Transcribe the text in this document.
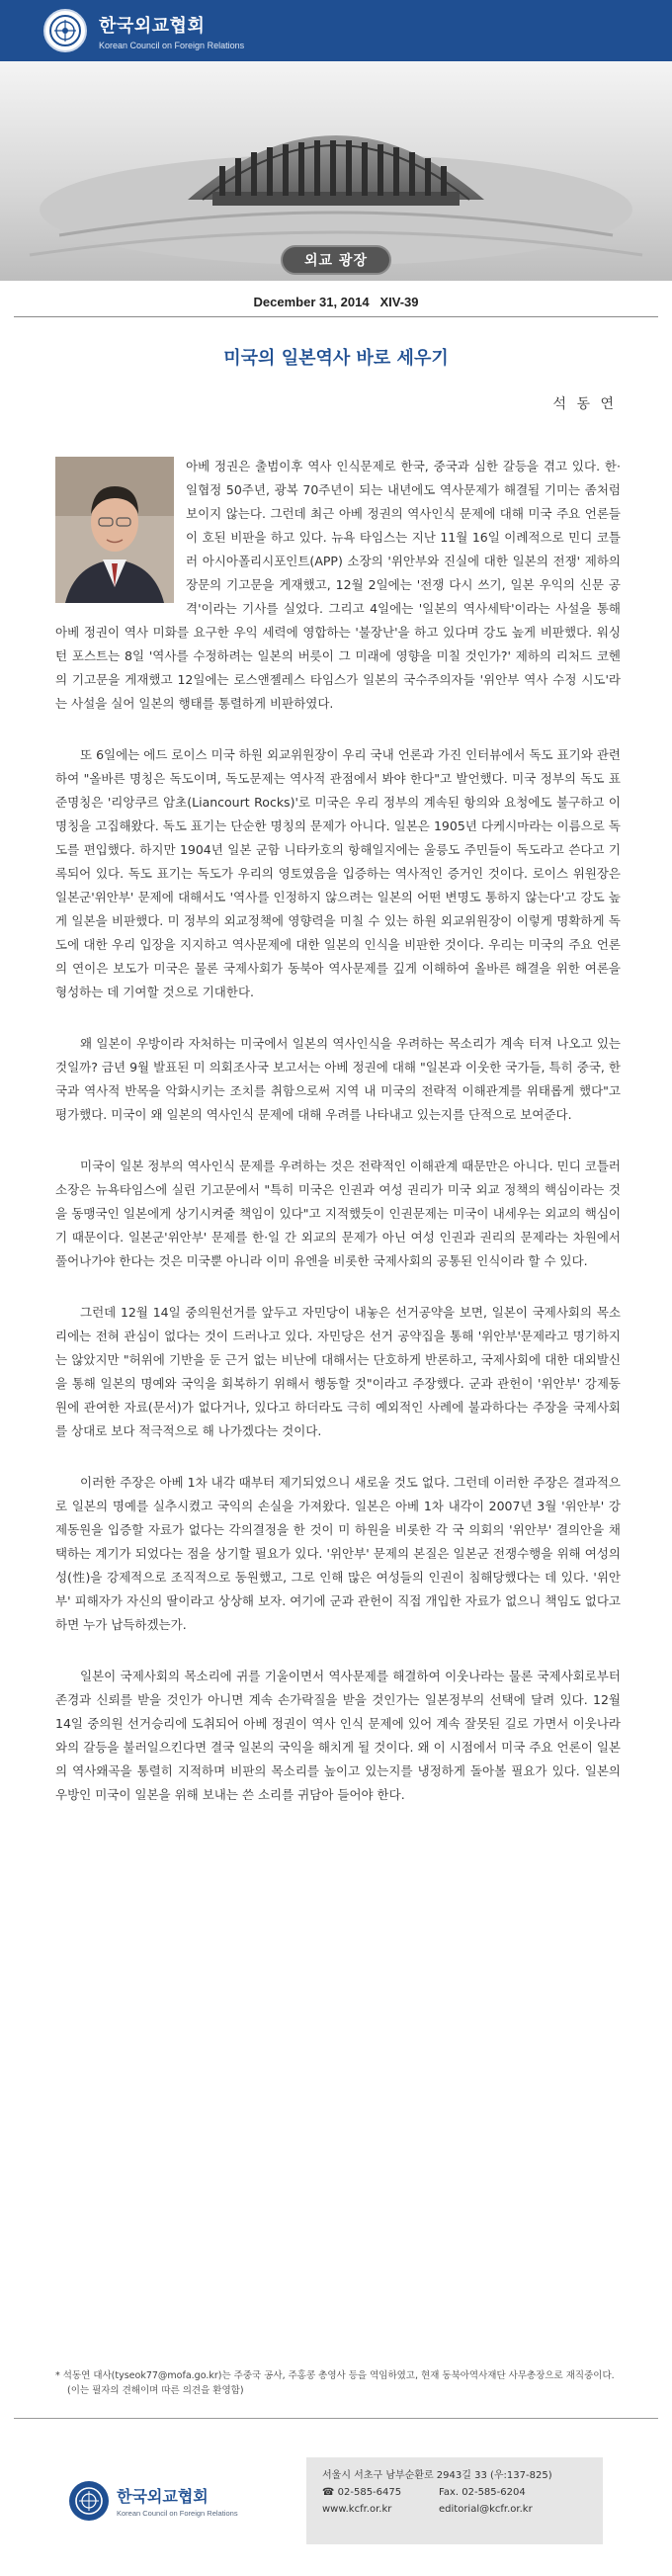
한국외교협회
Korean Council on Foreign Relations
외교 광장
December 31, 2014 XIV-39
미국의 일본역사 바로 세우기
석 동 연

아베 정권은 출범이후 역사 인식문제로 한국, 중국과 심한 갈등을 겪고 있다. 한·일협정 50주년, 광복 70주년이 되는 내년에도 역사문제가 해결될 기미는 좀처럼 보이지 않는다. 그런데 최근 아베 정권의 역사인식 문제에 대해 미국 주요 언론들이 호된 비판을 하고 있다. 뉴욕 타임스는 지난 11월 16일 이례적으로 민디 코틀러 아시아폴리시포인트(APP) 소장의 '위안부와 진실에 대한 일본의 전쟁' 제하의 장문의 기고문을 게재했고, 12월 2일에는 '전쟁 다시 쓰기, 일본 우익의 신문 공격'이라는 기사를 실었다. 그리고 4일에는 '일본의 역사세탁'이라는 사설을 통해 아베 정권이 역사 미화를 요구한 우익 세력에 영합하는 '불장난'을 하고 있다며 강도 높게 비판했다. 워싱턴 포스트는 8일 '역사를 수정하려는 일본의 버릇이 그 미래에 영향을 미칠 것인가?' 제하의 리처드 코헨의 기고문을 게재했고 12일에는 로스앤젤레스 타임스가 일본의 국수주의자들 '위안부 역사 수정 시도'라는 사설을 실어 일본의 행태를 통렬하게 비판하였다.

또 6일에는 에드 로이스 미국 하원 외교위원장이 우리 국내 언론과 가진 인터뷰에서 독도 표기와 관련하여 "올바른 명칭은 독도이며, 독도문제는 역사적 관점에서 봐야 한다"고 발언했다. 미국 정부의 독도 표준명칭은 '리앙쿠르 암초(Liancourt Rocks)'로 미국은 우리 정부의 계속된 항의와 요청에도 불구하고 이 명칭을 고집해왔다. 독도 표기는 단순한 명칭의 문제가 아니다. 일본은 1905년 다케시마라는 이름으로 독도를 편입했다. 하지만 1904년 일본 군함 니타카호의 항해일지에는 울릉도 주민들이 독도라고 쓴다고 기록되어 있다. 독도 표기는 독도가 우리의 영토였음을 입증하는 역사적인 증거인 것이다. 로이스 위원장은 일본군'위안부' 문제에 대해서도 '역사를 인정하지 않으려는 일본의 어떤 변명도 통하지 않는다'고 강도 높게 일본을 비판했다. 미 정부의 외교정책에 영향력을 미칠 수 있는 하원 외교위원장이 이렇게 명확하게 독도에 대한 우리 입장을 지지하고 역사문제에 대한 일본의 인식을 비판한 것이다. 우리는 미국의 주요 언론의 연이은 보도가 미국은 물론 국제사회가 동북아 역사문제를 깊게 이해하여 올바른 해결을 위한 여론을 형성하는 데 기여할 것으로 기대한다.

왜 일본이 우방이라 자처하는 미국에서 일본의 역사인식을 우려하는 목소리가 계속 터져 나오고 있는 것일까? 금년 9월 발표된 미 의회조사국 보고서는 아베 정권에 대해 "일본과 이웃한 국가들, 특히 중국, 한국과 역사적 반목을 악화시키는 조치를 취함으로써 지역 내 미국의 전략적 이해관계를 위태롭게 했다"고 평가했다. 미국이 왜 일본의 역사인식 문제에 대해 우려를 나타내고 있는지를 단적으로 보여준다.

미국이 일본 정부의 역사인식 문제를 우려하는 것은 전략적인 이해관계 때문만은 아니다. 민디 코틀러 소장은 뉴욕타임스에 실린 기고문에서 "특히 미국은 인권과 여성 권리가 미국 외교 정책의 핵심이라는 것을 동맹국인 일본에게 상기시켜줄 책임이 있다"고 지적했듯이 인권문제는 미국이 내세우는 외교의 핵심이기 때문이다. 일본군'위안부' 문제를 한·일 간 외교의 문제가 아닌 여성 인권과 권리의 문제라는 차원에서 풀어나가야 한다는 것은 미국뿐 아니라 이미 유엔을 비롯한 국제사회의 공통된 인식이라 할 수 있다.

그런데 12월 14일 중의원선거를 앞두고 자민당이 내놓은 선거공약을 보면, 일본이 국제사회의 목소리에는 전혀 관심이 없다는 것이 드러나고 있다. 자민당은 선거 공약집을 통해 '위안부'문제라고 명기하지는 않았지만 "허위에 기반을 둔 근거 없는 비난에 대해서는 단호하게 반론하고, 국제사회에 대한 대외발신을 통해 일본의 명예와 국익을 회복하기 위해서 행동할 것"이라고 주장했다. 군과 관헌이 '위안부' 강제동원에 관여한 자료(문서)가 없다거나, 있다고 하더라도 극히 예외적인 사례에 불과하다는 주장을 국제사회를 상대로 보다 적극적으로 해 나가겠다는 것이다.

이러한 주장은 아베 1차 내각 때부터 제기되었으니 새로울 것도 없다. 그런데 이러한 주장은 결과적으로 일본의 명예를 실추시켰고 국익의 손실을 가져왔다. 일본은 아베 1차 내각이 2007년 3월 '위안부' 강제동원을 입증할 자료가 없다는 각의결정을 한 것이 미 하원을 비롯한 각 국 의회의 '위안부' 결의안을 채택하는 계기가 되었다는 점을 상기할 필요가 있다. '위안부' 문제의 본질은 일본군 전쟁수행을 위해 여성의 성(性)을 강제적으로 조직적으로 동원했고, 그로 인해 많은 여성들의 인권이 침해당했다는 데 있다. '위안부' 피해자가 자신의 딸이라고 상상해 보자. 여기에 군과 관헌이 직접 개입한 자료가 없으니 책임도 없다고 하면 누가 납득하겠는가.

일본이 국제사회의 목소리에 귀를 기울이면서 역사문제를 해결하여 이웃나라는 물론 국제사회로부터 존경과 신뢰를 받을 것인가 아니면 계속 손가락질을 받을 것인가는 일본정부의 선택에 달려 있다. 12월 14일 중의원 선거승리에 도취되어 아베 정권이 역사 인식 문제에 있어 계속 잘못된 길로 가면서 이웃나라와의 갈등을 불러일으킨다면 결국 일본의 국익을 해치게 될 것이다. 왜 이 시점에서 미국 주요 언론이 일본의 역사왜곡을 통렬히 지적하며 비판의 목소리를 높이고 있는지를 냉정하게 돌아볼 필요가 있다. 일본의 우방인 미국이 일본을 위해 보내는 쓴 소리를 귀담아 들어야 한다.

* 석동연 대사(tyseok77@mofa.go.kr)는 주중국 공사, 주홍콩 총영사 등을 역임하였고, 현재 동북아역사재단 사무총장으로 재직중이다. (이는 필자의 견해이며 따른 의견을 환영함)
한국외교협회
Korean Council on Foreign Relations
서울시 서초구 남부순환로 2943길 33 (우:137-825)
☎ 02-585-6475	Fax. 02-585-6204
www.kcfr.or.kr	editorial@kcfr.or.kr
